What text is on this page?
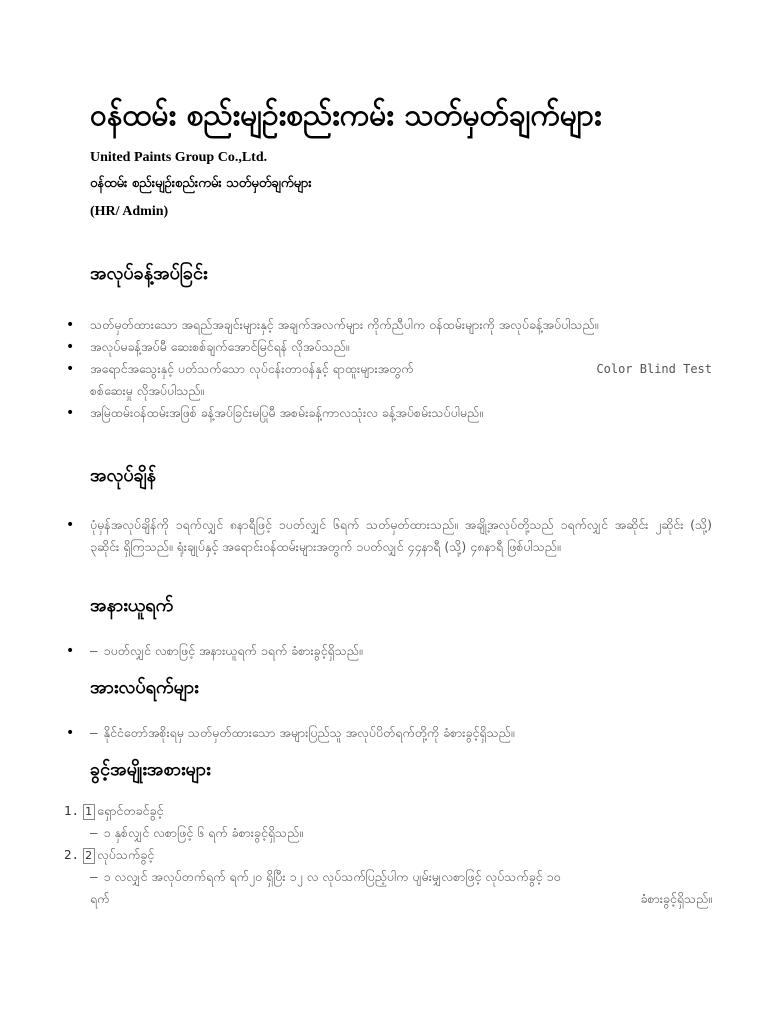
ဝန်ထမ်း စည်းမျဉ်းစည်းကမ်း သတ်မှတ်ချက်များ

United Paints Group Co.,Ltd.

ဝန်ထမ်း စည်းမျဉ်းစည်းကမ်း သတ်မှတ်ချက်များ

(HR/ Admin)

အလုပ်ခန့်အပ်ခြင်း
• သတ်မှတ်ထားသော အရည်အချင်းများနှင့် အချက်အလက်များ ကိုက်ညီပါက ဝန်ထမ်းများကို အလုပ်ခန့်အပ်ပါသည်။
• အလုပ်မခန့်အပ်မီ ဆေးစစ်ချက်အောင်မြင်ရန် လိုအပ်သည်။
• အရောင်အသွေးနှင့် ပတ်သက်သော လုပ်ငန်းတာဝန်နှင့် ရာထူးများအတွက်	Color Blind Test
စစ်ဆေးမှု လိုအပ်ပါသည်။
• အမြဲထမ်းဝန်ထမ်းအဖြစ် ခန့်အပ်ခြင်းမပြုမီ အစမ်းခန့်ကာလသုံးလ ခန့်အပ်စမ်းသပ်ပါမည်။
အလုပ်ချိန်
• ပုံမှန်အလုပ်ချိန်ကို ၁ရက်လျှင် ၈နာရီဖြင့် ၁ပတ်လျှင် ၆ရက် သတ်မှတ်ထားသည်။ အချို့အလုပ်တို့သည် ၁ရက်လျှင် အဆိုင်း ၂ဆိုင်း (သို့) ၃ဆိုင်း ရှိကြသည်။ ရုံးချုပ်နှင့် အရောင်းဝန်ထမ်းများအတွက် ၁ပတ်လျှင် ၄၄နာရီ (သို့) ၄၈နာရီ ဖြစ်ပါသည်။
အနားယူရက်
• – ၁ပတ်လျှင် လစာဖြင့် အနားယူရက် ၁ရက် ခံစားခွင့်ရှိသည်။
အားလပ်ရက်များ
• – နိုင်ငံတော်အစိုးရမှ သတ်မှတ်ထားသော အများပြည်သူ အလုပ်ပိတ်ရက်တို့ကို ခံစားခွင့်ရှိသည်။
ခွင့်အမျိုးအစားများ
1. 1 ရှောင်တခင်ခွင့်
– ၁ နှစ်လျှင် လစာဖြင့် ၆ ရက် ခံစားခွင့်ရှိသည်။
2. 2 လုပ်သက်ခွင့်
– ၁ လလျှင် အလုပ်တက်ရက် ရက်၂၀ ရှိပြီး ၁၂ လ လုပ်သက်ပြည့်ပါက ပျမ်းမျှလစာဖြင့် လုပ်သက်ခွင့် ၁၀
ရက်	ခံစားခွင့်ရှိသည်။
